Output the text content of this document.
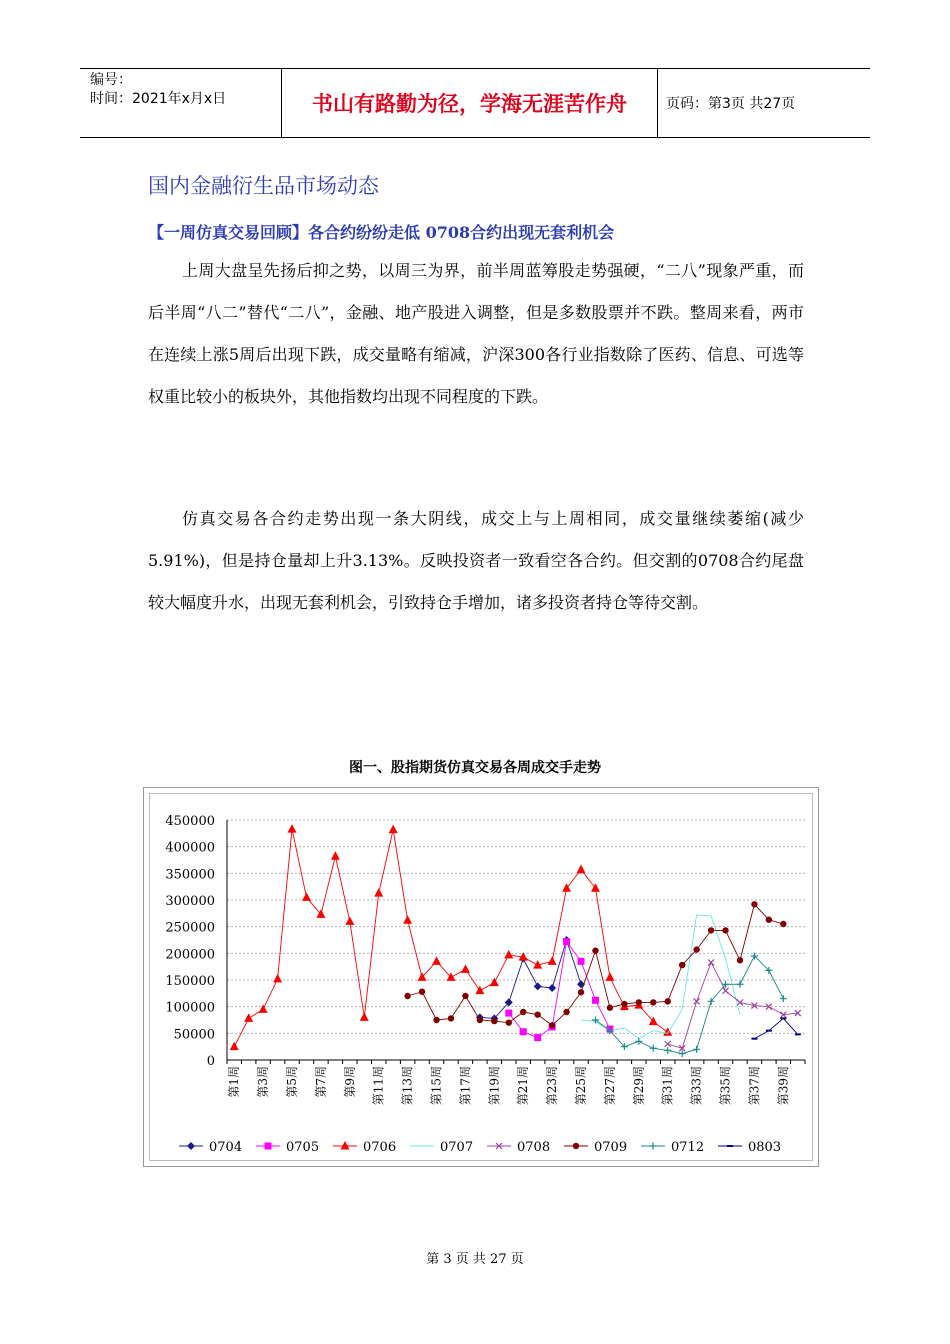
编号：
时间：2021年x月x日	书山有路勤为径，学海无涯苦作舟	页码：第3页 共27页
国内金融衍生品市场动态
【一周仿真交易回顾】各合约纷纷走低 0708合约出现无套利机会

上周大盘呈先扬后抑之势，以周三为界，前半周蓝筹股走势强硬，“二八”现象严重，而后半周“八二”替代“二八”，金融、地产股进入调整，但是多数股票并不跌。整周来看，两市在连续上涨5周后出现下跌，成交量略有缩减，沪深300各行业指数除了医药、信息、可选等权重比较小的板块外，其他指数均出现不同程度的下跌。

仿真交易各合约走势出现一条大阴线，成交上与上周相同，成交量继续萎缩(减少5.91%)，但是持仓量却上升3.13%。反映投资者一致看空各合约。但交割的0708合约尾盘较大幅度升水，出现无套利机会，引致持仓手增加，诸多投资者持仓等待交割。

图一、股指期货仿真交易各周成交手走势
0
50000
100000
150000
200000
250000
300000
350000
400000
450000
第1周 第3周 第5周 第7周 第9周 第11周 第13周 第15周 第17周 第19周 第21周 第23周 第25周 第27周 第29周 第31周 第33周 第35周 第37周 第39周
0704	0705	0706	0707	0708	0709	0712	0803
第 3 页 共 27 页
